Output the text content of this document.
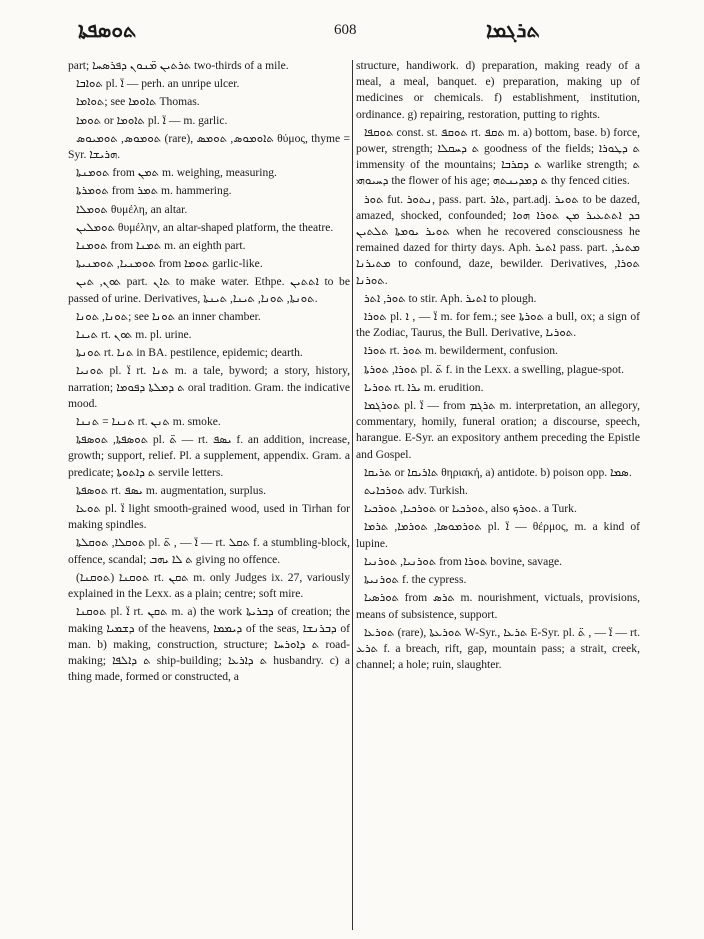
ܬܘܣܦܬܐ	608	ܬܪܓܡܐ

part; ܬܪܬܝܢ ܡ̈ܢܘܢ ܕܦܪܣܚܐ two-thirds of a mile.

ܬܘܐܒܐ pl. ܐ̈ — perh. an unripe ulcer.

ܬܘܐܡܐ; see ܬܐܘܡܐ Thomas.

ܬܘܡܐ or ܬܐܘܡܐ pl. ܐ̈ — m. garlic.

ܬܘܡܘܣ, ܬܘܡܝܘܣ (rare), ܬܐܘܡܘܣ, ܬܘܡܣ θύμος, thyme = Syr. ܗܪܝܫܐ.

ܬܘܡܢܬܐ from ܬܡܢ m. weighing, measuring.

ܬܘܡܪܬܐ from ܬܡܪ m. hammering.

ܬܘܡܠܐ θυμέλη, an altar.

ܬܘܡܠܝܢ θυμέλην, an altar-shaped platform, the theatre.

ܬܘܡܢܐ from ܬܡܢܐ m. an eighth part.

ܬܘܡܢܝܐ, ܬܘܡܢܝܬܐ from ܬܘܡܐ garlic-like.

ܬܘܢ, ܬܝܢ part. ܬܐܢ to make water. Ethpe. ܐܬܬܝܢ to be passed of urine. Derivatives, ܬܘܢܬܐ, ܬܘܢܐ, ܬܝܢܐ, ܬܝܢܬܐ.

ܬܘܢܐ, ܬܘܢܐ; see ܬܘܢܐ an inner chamber.

ܬܝܢܐ rt. ܬܘܢ m. pl. urine.

ܬܘܢܬܐ rt. ܬܢܐ in BA. pestilence, epidemic; dearth.

ܬܘܢܝܐ pl. ܐ̈ rt. ܬܢܐ m. a tale, byword; a story, history, narration; ܬ ܕܡܠܬܐ ܕܦܘܡܐ oral tradition. Gram. the indicative mood.

ܬܢܢܐ = ܬܢܢܐ rt. ܬܢܢ m. smoke.

ܬܘܣܦܬܐ, ܬܘܣܦܬܐ pl. ܬ̈ — rt. ܝܣܦ f. an addition, increase, growth; support, relief. Pl. a supplement, appendix. Gram. a predicate; ܬ ܕܐܬܘܬܐ servile letters.

ܬܘܣܦܬܐ rt. ܝܣܦ m. augmentation, surplus.

ܬܘܥܐ pl. ܐ̈ light smooth-grained wood, used in Tirhan for making spindles.

ܬܘܩܠܐ, ܬܘܩܠܬܐ pl. ܐ̈ — , ܬ̈ — rt. ܬܩܠ f. a stumbling-block, offence, scandal; ܬ ܠܐ ܝܗܒ giving no offence.

ܬܘܩܢܐ (ܬܘܩܢܐ) rt. ܬܩܢ m. only Judges ix. 27, variously explained in the Lexx. as a plain; centre; soft mire.

ܬܘܩܢܐ pl. ܐ̈ rt. ܬܩܢ m. a) the work ܕܒܪܝܬܐ of creation; the making ܕܫܡܝܐ of the heavens, ܕܝܡܡܐ of the seas, ܕܒܪܢܫܐ of man. b) making, construction, structure; ܬ ܕܐܘܪܚܐ road-making; ܬ ܕܐܠܦܐ ship-building; ܬ ܕܐܪܥܐ husbandry. c) a thing made, formed or constructed, a

structure, handiwork. d) preparation, making ready of a meal, a meal, banquet. e) preparation, making up of medicines or chemicals. f) establishment, institution, ordinance. g) repairing, restoration, putting to rights.

ܬܘܩܦܐ const. st. ܬܘܩܦ rt. ܬܩܦ m. a) bottom, base. b) force, power, strength; ܬ ܕܚܩܠܐ goodness of the fields; ܬ ܕܛܘܪܐ immensity of the mountains; ܬ ܕܩܪܒܐ warlike strength; ܬ ܕܚܝܘܗܝ the flower of his age; ܬ ܕܡܕܝܢܬܗ thy fenced cities.

ܬܘܪ fut. ܢܬܘܪ, pass. part. ܬܐܪ, part.adj. ܬܘܝܪ to be dazed, amazed, shocked, confounded; ܟܕ ܐܬܬܥܝܪ ܡܢ ܬܘܪܐ ܗܘܐ ܬܘܝܪ ܝܘܡܬܐ ܬܠܬܝܢ when he recovered consciousness he remained dazed for thirty days. Aph. ܐܬܝܪ pass. part. ܡܬܝܪ, ܡܬܝܪܢܐ to confound, daze, bewilder. Derivatives, ܬܘܪܐ, ܬܘܪܢܐ.

ܬܘܪ, ܐܬܪ to stir. Aph. ܐܬܝܪ to plough.

ܬܘܪܐ pl. ܐ̈ — , ܐ m. for fem.; see ܬܘܪܬܐ a bull, ox; a sign of the Zodiac, Taurus, the Bull. Derivative, ܬܘܪܝܐ.

ܬܘܪܐ rt. ܬܘܪ m. bewilderment, confusion.

ܬܘܪܐ, ܬܘܪܬܐ pl. ܬ̈ f. in the Lexx. a swelling, plague-spot.

ܬܘܪܝܐ rt. ܝܪܐ m. erudition.

ܬܘܪܓܡܐ pl. ܐ̈ — from ܬܪܓܡ m. interpretation, an allegory, commentary, homily, funeral oration; a discourse, speech, harangue. E-Syr. an expository anthem preceding the Epistle and Gospel.

ܬܪܝܩܐ or ܬܐܪܝܩܐ θηριακή, a) antidote. b) poison opp. ܣܡܐ.

ܬܘܪܟܐܝܬ adv. Turkish.

ܬܘܪܟܝܐ, ܬܘܪܟܝܐ or ܬܘܪܟܝܐ, also ܬܘܪܟ. a Turk.

ܬܘܪܡܘܣܐ, ܬܘܪܡܐ, ܬܪܡܐ pl. ܐ̈ — θέρμος, m. a kind of lupine.

ܬܘܪܢܝܐ, ܬܘܪܢܝܐ from ܬܘܪܐ bovine, savage.

ܬܘܪܢܝܬܐ f. the cypress.

ܬܘܪܣܝܐ from ܬܪܣ m. nourishment, victuals, provisions, means of subsistence, support.

ܬܘܪܥܐ (rare), ܬܘܪܥܬܐ W-Syr., ܬܪܥܐ E-Syr. pl. ܐ̈ — , ܬ̈ — rt. ܬܪܥ f. a breach, rift, gap, mountain pass; a strait, creek, channel; a hole; ruin, slaughter.
